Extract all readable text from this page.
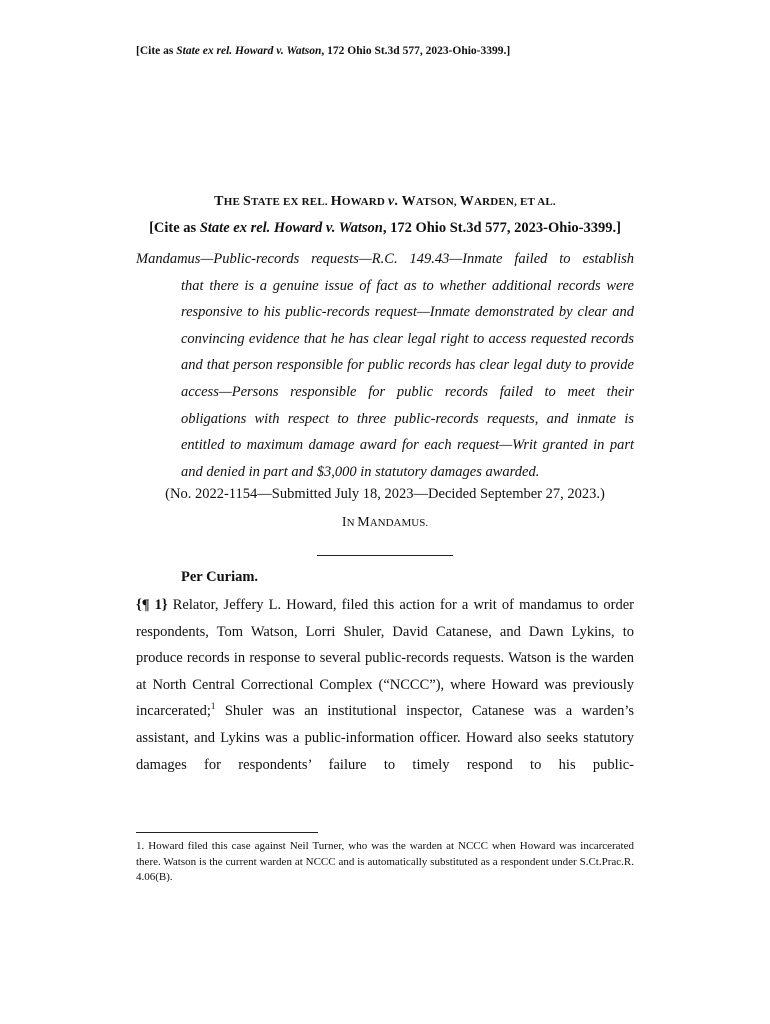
[Cite as State ex rel. Howard v. Watson, 172 Ohio St.3d 577, 2023-Ohio-3399.]
THE STATE EX REL. HOWARD v. WATSON, WARDEN, ET AL.
[Cite as State ex rel. Howard v. Watson, 172 Ohio St.3d 577, 2023-Ohio-3399.]
Mandamus—Public-records requests—R.C. 149.43—Inmate failed to establish
that there is a genuine issue of fact as to whether additional records were responsive to his public-records request—Inmate demonstrated by clear and convincing evidence that he has clear legal right to access requested records and that person responsible for public records has clear legal duty to provide access—Persons responsible for public records failed to meet their obligations with respect to three public-records requests, and inmate is entitled to maximum damage award for each request—Writ granted in part and denied in part and $3,000 in statutory damages awarded.
(No. 2022-1154—Submitted July 18, 2023—Decided September 27, 2023.)
IN MANDAMUS.
Per Curiam.
{¶ 1} Relator, Jeffery L. Howard, filed this action for a writ of mandamus to order respondents, Tom Watson, Lorri Shuler, David Catanese, and Dawn Lykins, to produce records in response to several public-records requests. Watson is the warden at North Central Correctional Complex (“NCCC”), where Howard was previously incarcerated;$^1$ Shuler was an institutional inspector, Catanese was a warden’s assistant, and Lykins was a public-information officer. Howard also seeks statutory damages for respondents’ failure to timely respond to his public-
1. Howard filed this case against Neil Turner, who was the warden at NCCC when Howard was incarcerated there. Watson is the current warden at NCCC and is automatically substituted as a respondent under S.Ct.Prac.R. 4.06(B).
